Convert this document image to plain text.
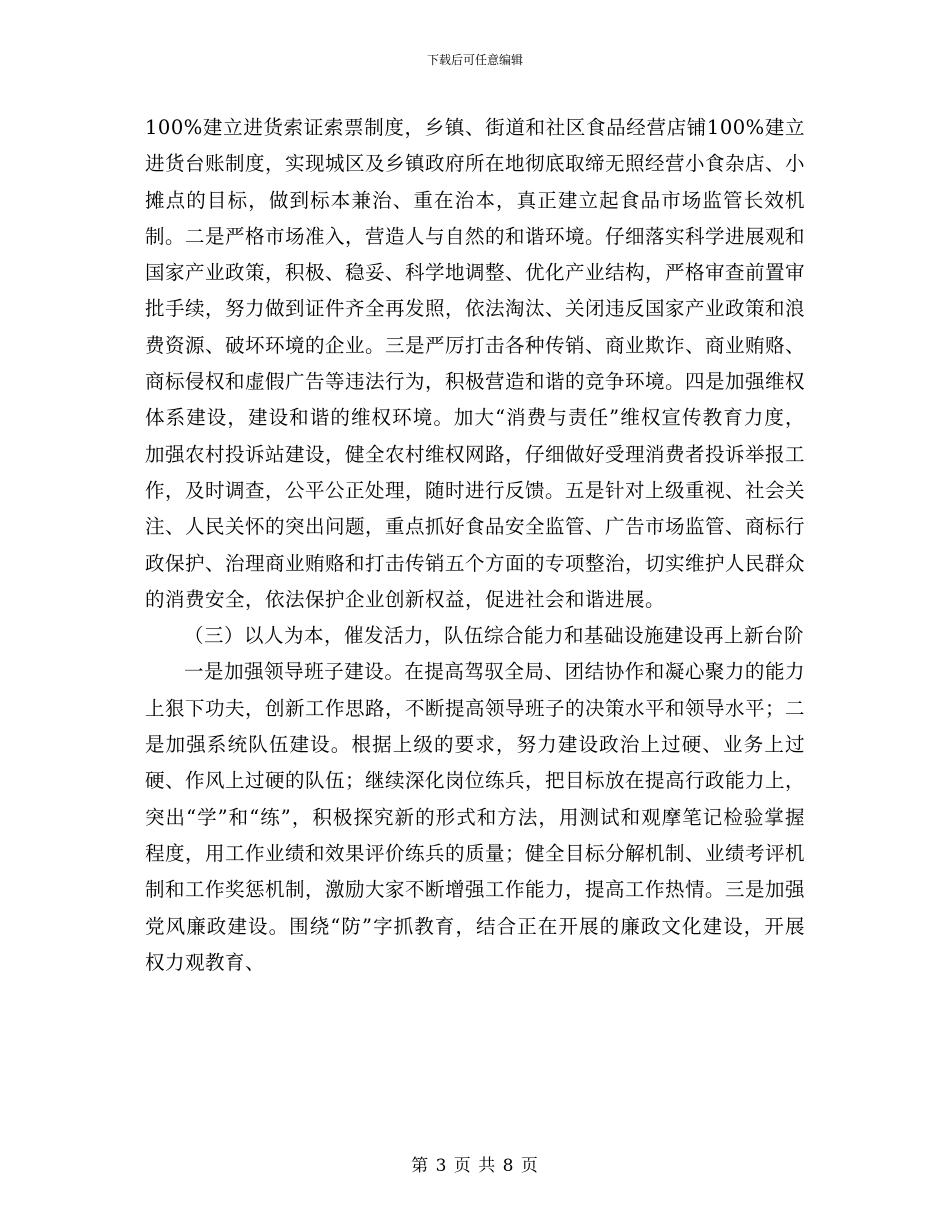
下载后可任意编辑

100%建立进货索证索票制度，乡镇、街道和社区食品经营店铺100%建立进货台账制度，实现城区及乡镇政府所在地彻底取缔无照经营小食杂店、小摊点的目标，做到标本兼治、重在治本，真正建立起食品市场监管长效机制。二是严格市场准入，营造人与自然的和谐环境。仔细落实科学进展观和国家产业政策，积极、稳妥、科学地调整、优化产业结构，严格审查前置审批手续，努力做到证件齐全再发照，依法淘汰、关闭违反国家产业政策和浪费资源、破坏环境的企业。三是严厉打击各种传销、商业欺诈、商业贿赂、商标侵权和虚假广告等违法行为，积极营造和谐的竞争环境。四是加强维权体系建设，建设和谐的维权环境。加大“消费与责任”维权宣传教育力度，加强农村投诉站建设，健全农村维权网路，仔细做好受理消费者投诉举报工作，及时调查，公平公正处理，随时进行反馈。五是针对上级重视、社会关注、人民关怀的突出问题，重点抓好食品安全监管、广告市场监管、商标行政保护、治理商业贿赂和打击传销五个方面的专项整治，切实维护人民群众的消费安全，依法保护企业创新权益，促进社会和谐进展。

（三）以人为本，催发活力，队伍综合能力和基础设施建设再上新台阶

一是加强领导班子建设。在提高驾驭全局、团结协作和凝心聚力的能力上狠下功夫，创新工作思路，不断提高领导班子的决策水平和领导水平；二是加强系统队伍建设。根据上级的要求，努力建设政治上过硬、业务上过硬、作风上过硬的队伍；继续深化岗位练兵，把目标放在提高行政能力上，突出“学”和“练”，积极探究新的形式和方法，用测试和观摩笔记检验掌握程度，用工作业绩和效果评价练兵的质量；健全目标分解机制、业绩考评机制和工作奖惩机制，激励大家不断增强工作能力，提高工作热情。三是加强党风廉政建设。围绕“防”字抓教育，结合正在开展的廉政文化建设，开展权力观教育、

第 3 页 共 8 页
